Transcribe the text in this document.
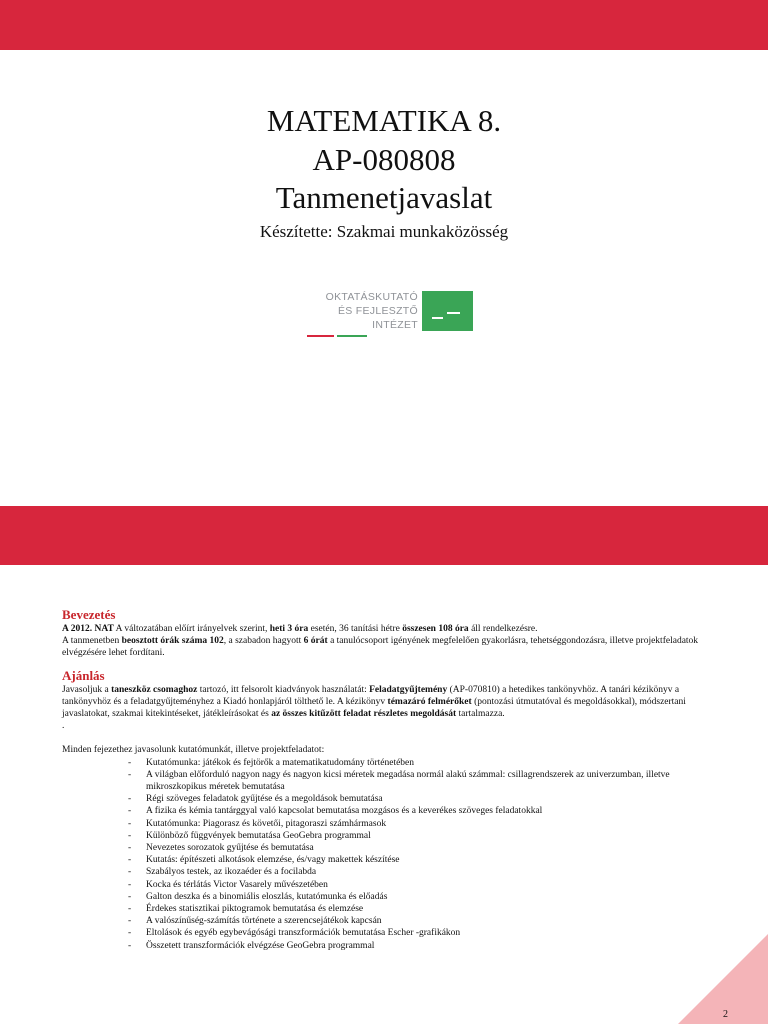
MATEMATIKA 8.
AP-080808
Tanmenetjavaslat
Készítette: Szakmai munkaközösség
OKTATÁSKUTATÓ
ÉS FEJLESZTŐ
INTÉZET
Bevezetés

A 2012. NAT A változatában előírt irányelvek szerint, heti 3 óra esetén, 36 tanítási hétre összesen 108 óra áll rendelkezésre.

A tanmenetben beosztott órák száma 102, a szabadon hagyott 6 órát a tanulócsoport igényének megfelelően gyakorlásra, tehetséggondozásra, illetve projektfeladatok elvégzésére lehet fordítani.

Ajánlás

Javasoljuk a taneszköz csomaghoz tartozó, itt felsorolt kiadványok használatát: Feladatgyűjtemény (AP-070810) a hetedikes tankönyvhöz. A tanári kézikönyv a tankönyvhöz és a feladatgyűjteményhez a Kiadó honlapjáról tölthető le. A kézikönyv témazáró felmérőket (pontozási útmutatóval és megoldásokkal), módszertani javaslatokat, szakmai kitekintéseket, játékleírásokat és az összes kitűzött feladat részletes megoldását tartalmazza.

.

Minden fejezethez javasolunk kutatómunkát, illetve projektfeladatot:

- Kutatómunka: játékok és fejtörők a matematikatudomány történetében
- A világban előforduló nagyon nagy és nagyon kicsi méretek megadása normál alakú számmal: csillagrendszerek az univerzumban, illetve mikroszkopikus méretek bemutatása
- Régi szöveges feladatok gyűjtése és a megoldások bemutatása
- A fizika és kémia tantárggyal való kapcsolat bemutatása mozgásos és a keverékes szöveges feladatokkal
- Kutatómunka: Piagorasz és követői, pitagoraszi számhármasok
- Különböző függvények bemutatása GeoGebra programmal
- Nevezetes sorozatok gyűjtése és bemutatása
- Kutatás: építészeti alkotások elemzése, és/vagy makettek készítése
- Szabályos testek, az ikozaéder és a focilabda
- Kocka és térlátás Victor Vasarely művészetében
- Galton deszka és a binomiális eloszlás, kutatómunka és előadás
- Érdekes statisztikai piktogramok bemutatása és elemzése
- A valószínűség-számítás története a szerencsejátékok kapcsán
- Eltolások és egyéb egybevágósági transzformációk bemutatása Escher -grafikákon
- Összetett transzformációk elvégzése GeoGebra programmal
2
